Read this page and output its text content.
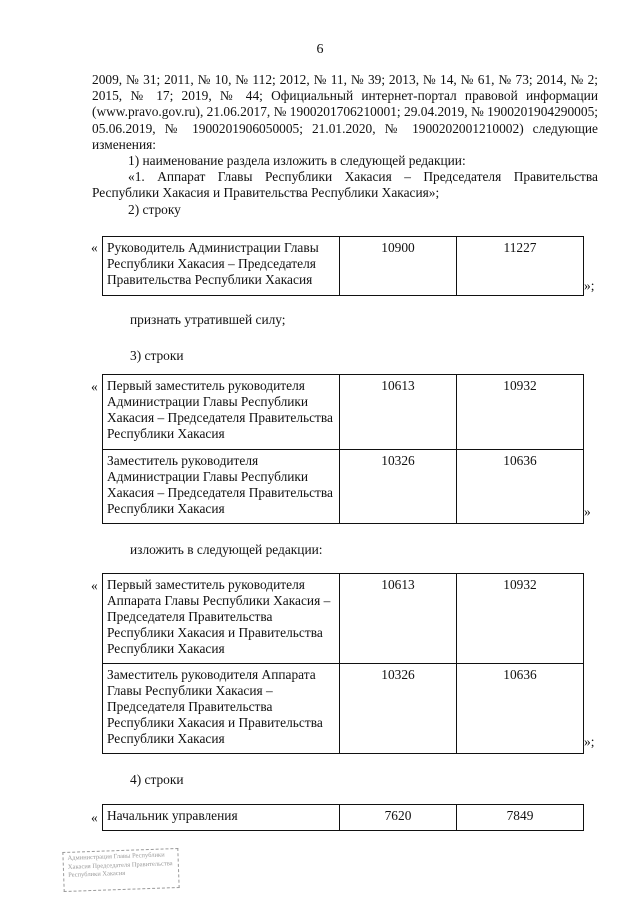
6

2009, № 31; 2011, № 10, № 112; 2012, № 11, № 39; 2013, № 14, № 61, № 73; 2014, № 2; 2015, № 17; 2019, № 44; Официальный интернет-портал правовой информации (www.pravo.gov.ru), 21.06.2017, № 1900201706210001; 29.04.2019, № 1900201904290005; 05.06.2019, № 1900201906050005; 21.01.2020, № 1900202001210002) следующие изменения:

1) наименование раздела изложить в следующей редакции:

«1. Аппарат Главы Республики Хакасия – Председателя Правительства Республики Хакасия и Правительства Республики Хакасия»;

2) строку

« Руководитель Администрации Главы Республики Хакасия – Председателя Правительства Республики Хакасия	10900	11227
»;
признать утратившей силу;
3) строки
« Первый заместитель руководителя Администрации Главы Республики Хакасия – Председателя Правительства Республики Хакасия	10613	10932
Заместитель руководителя Администрации Главы Республики Хакасия – Председателя Правительства Республики Хакасия	10326	10636
»
изложить в следующей редакции:
« Первый заместитель руководителя Аппарата Главы Республики Хакасия – Председателя Правительства Республики Хакасия и Правительства Республики Хакасия	10613	10932
Заместитель руководителя Аппарата Главы Республики Хакасия – Председателя Правительства Республики Хакасия и Правительства Республики Хакасия	10326	10636
»;
4) строки
« Начальник управления	7620	7849
Администрация Главы Республики Хакасия Председателя Правительства Республики Хакасия
